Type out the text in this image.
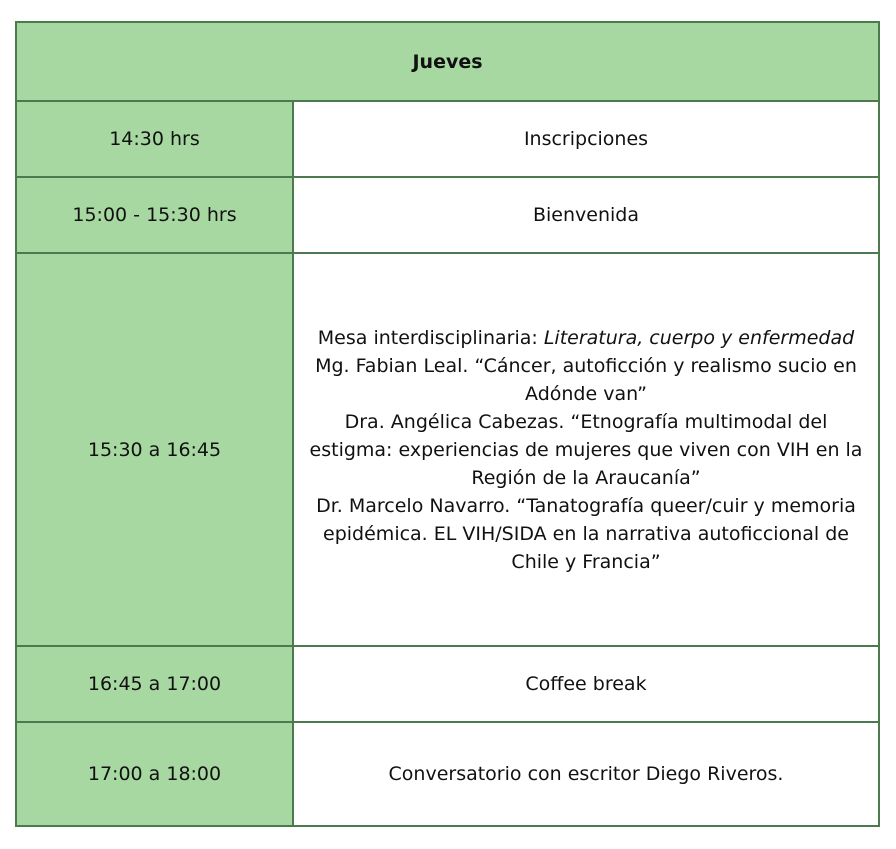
Jueves	
14:30 hrs	Inscripciones
15:00 - 15:30 hrs	Bienvenida
15:30 a 16:45	Mesa interdisciplinaria: Literatura, cuerpo y enfermedad
Mg. Fabian Leal. “Cáncer, autoficción y realismo sucio en Adónde van”
Dra. Angélica Cabezas. “Etnografía multimodal del estigma: experiencias de mujeres que viven con VIH en la Región de la Araucanía”
Dr. Marcelo Navarro. “Tanatografía queer/cuir y memoria epidémica. EL VIH/SIDA en la narrativa autoficcional de Chile y Francia”

16:45 a 17:00	Coffee break
17:00 a 18:00	Conversatorio con escritor Diego Riveros.
